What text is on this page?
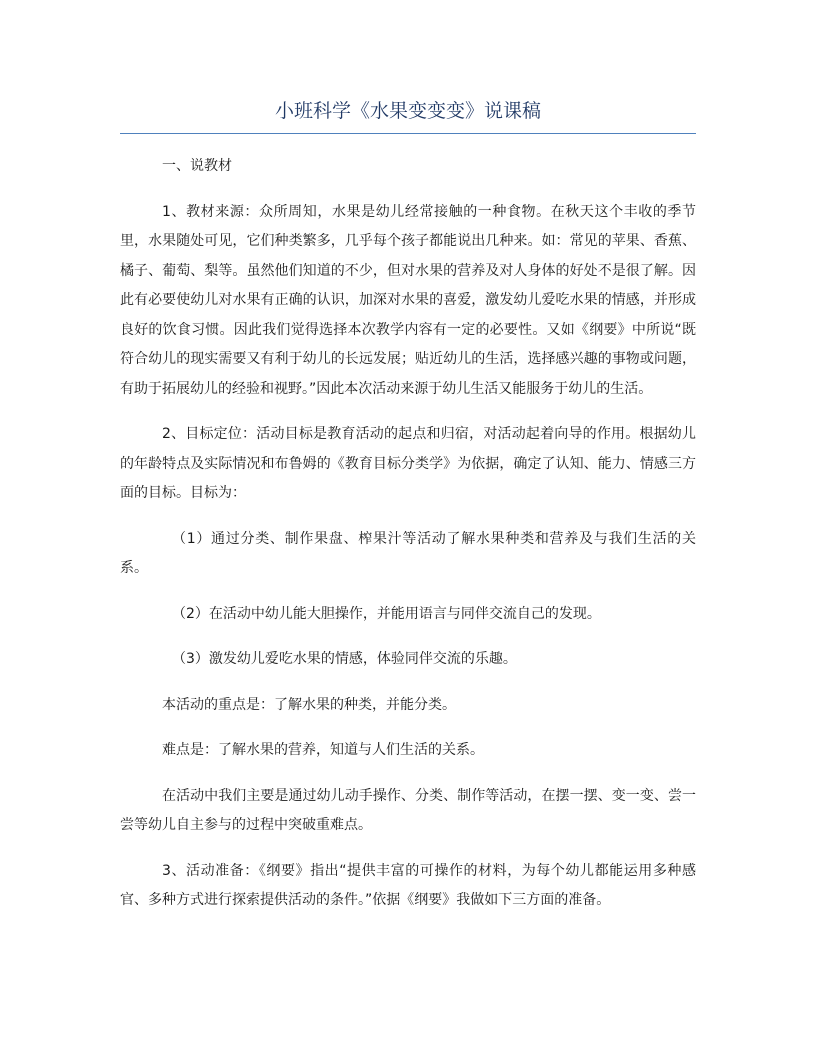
小班科学《水果变变变》说课稿

一、说教材

1、教材来源：众所周知，水果是幼儿经常接触的一种食物。在秋天这个丰收的季节里，水果随处可见，它们种类繁多，几乎每个孩子都能说出几种来。如：常见的苹果、香蕉、橘子、葡萄、梨等。虽然他们知道的不少，但对水果的营养及对人身体的好处不是很了解。因此有必要使幼儿对水果有正确的认识，加深对水果的喜爱，激发幼儿爱吃水果的情感，并形成良好的饮食习惯。因此我们觉得选择本次教学内容有一定的必要性。又如《纲要》中所说“既符合幼儿的现实需要又有利于幼儿的长远发展；贴近幼儿的生活，选择感兴趣的事物或问题，有助于拓展幼儿的经验和视野。”因此本次活动来源于幼儿生活又能服务于幼儿的生活。

2、目标定位：活动目标是教育活动的起点和归宿，对活动起着向导的作用。根据幼儿的年龄特点及实际情况和布鲁姆的《教育目标分类学》为依据，确定了认知、能力、情感三方面的目标。目标为：

（1）通过分类、制作果盘、榨果汁等活动了解水果种类和营养及与我们生活的关系。

（2）在活动中幼儿能大胆操作，并能用语言与同伴交流自己的发现。

（3）激发幼儿爱吃水果的情感，体验同伴交流的乐趣。

本活动的重点是：了解水果的种类，并能分类。

难点是：了解水果的营养，知道与人们生活的关系。

在活动中我们主要是通过幼儿动手操作、分类、制作等活动，在摆一摆、变一变、尝一尝等幼儿自主参与的过程中突破重难点。

3、活动准备：《纲要》指出“提供丰富的可操作的材料，为每个幼儿都能运用多种感官、多种方式进行探索提供活动的条件。”依据《纲要》我做如下三方面的准备。
